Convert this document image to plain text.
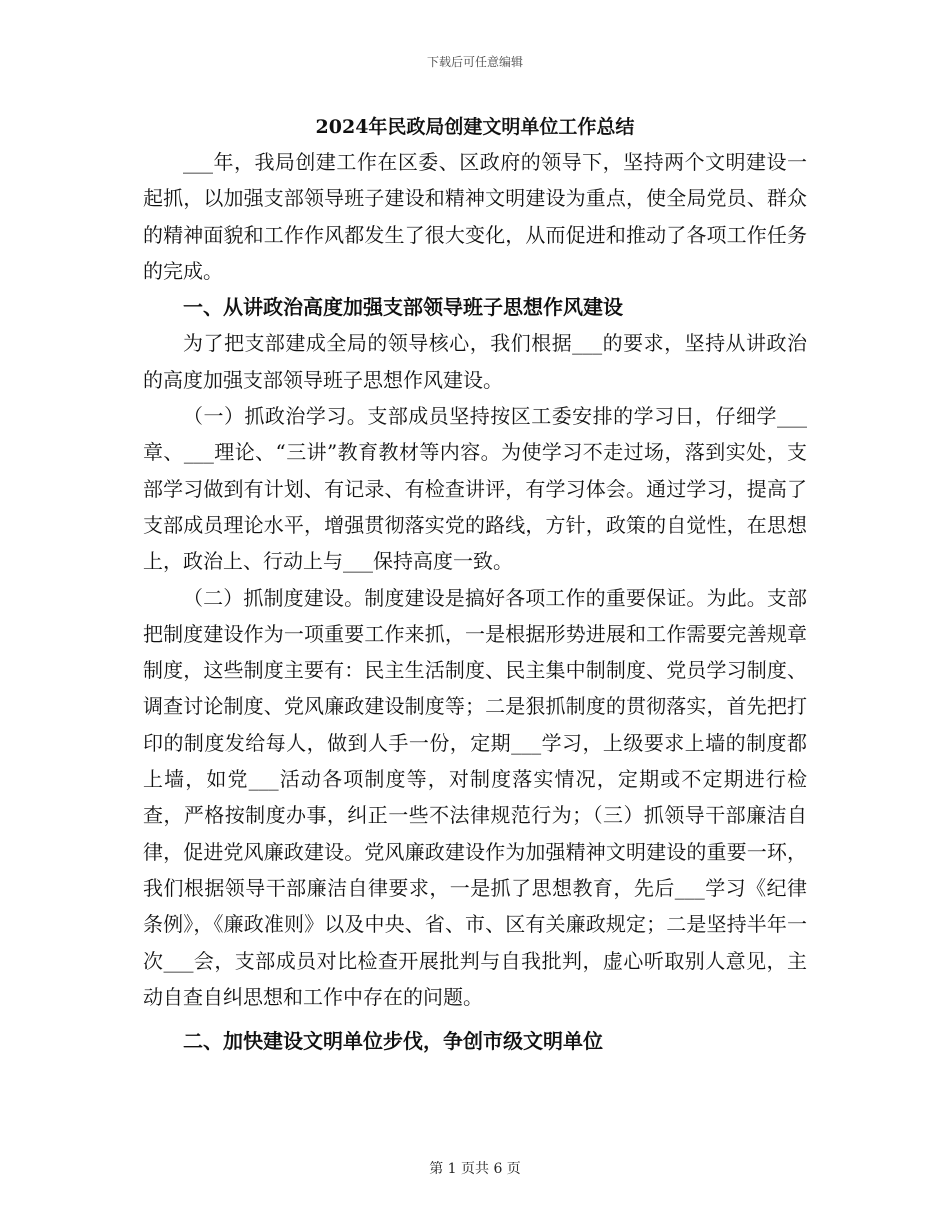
下载后可任意编辑

2024年民政局创建文明单位工作总结

___年，我局创建工作在区委、区政府的领导下，坚持两个文明建设一起抓，以加强支部领导班子建设和精神文明建设为重点，使全局党员、群众的精神面貌和工作作风都发生了很大变化，从而促进和推动了各项工作任务的完成。

一、从讲政治高度加强支部领导班子思想作风建设

为了把支部建成全局的领导核心，我们根据___的要求，坚持从讲政治的高度加强支部领导班子思想作风建设。

（一）抓政治学习。支部成员坚持按区工委安排的学习日，仔细学___章、___理论、“三讲”教育教材等内容。为使学习不走过场，落到实处，支部学习做到有计划、有记录、有检查讲评，有学习体会。通过学习，提高了支部成员理论水平，增强贯彻落实党的路线，方针，政策的自觉性，在思想上，政治上、行动上与___保持高度一致。

（二）抓制度建设。制度建设是搞好各项工作的重要保证。为此。支部把制度建设作为一项重要工作来抓，一是根据形势进展和工作需要完善规章制度，这些制度主要有：民主生活制度、民主集中制制度、党员学习制度、调查讨论制度、党风廉政建设制度等；二是狠抓制度的贯彻落实，首先把打印的制度发给每人，做到人手一份，定期___学习，上级要求上墙的制度都上墙，如党___活动各项制度等，对制度落实情况，定期或不定期进行检查，严格按制度办事，纠正一些不法律规范行为；（三）抓领导干部廉洁自律，促进党风廉政建设。党风廉政建设作为加强精神文明建设的重要一环，我们根据领导干部廉洁自律要求，一是抓了思想教育，先后___学习《纪律条例》，《廉政准则》以及中央、省、市、区有关廉政规定；二是坚持半年一次___会，支部成员对比检查开展批判与自我批判，虚心听取别人意见，主动自查自纠思想和工作中存在的问题。

二、加快建设文明单位步伐，争创市级文明单位

第 1 页共 6 页
